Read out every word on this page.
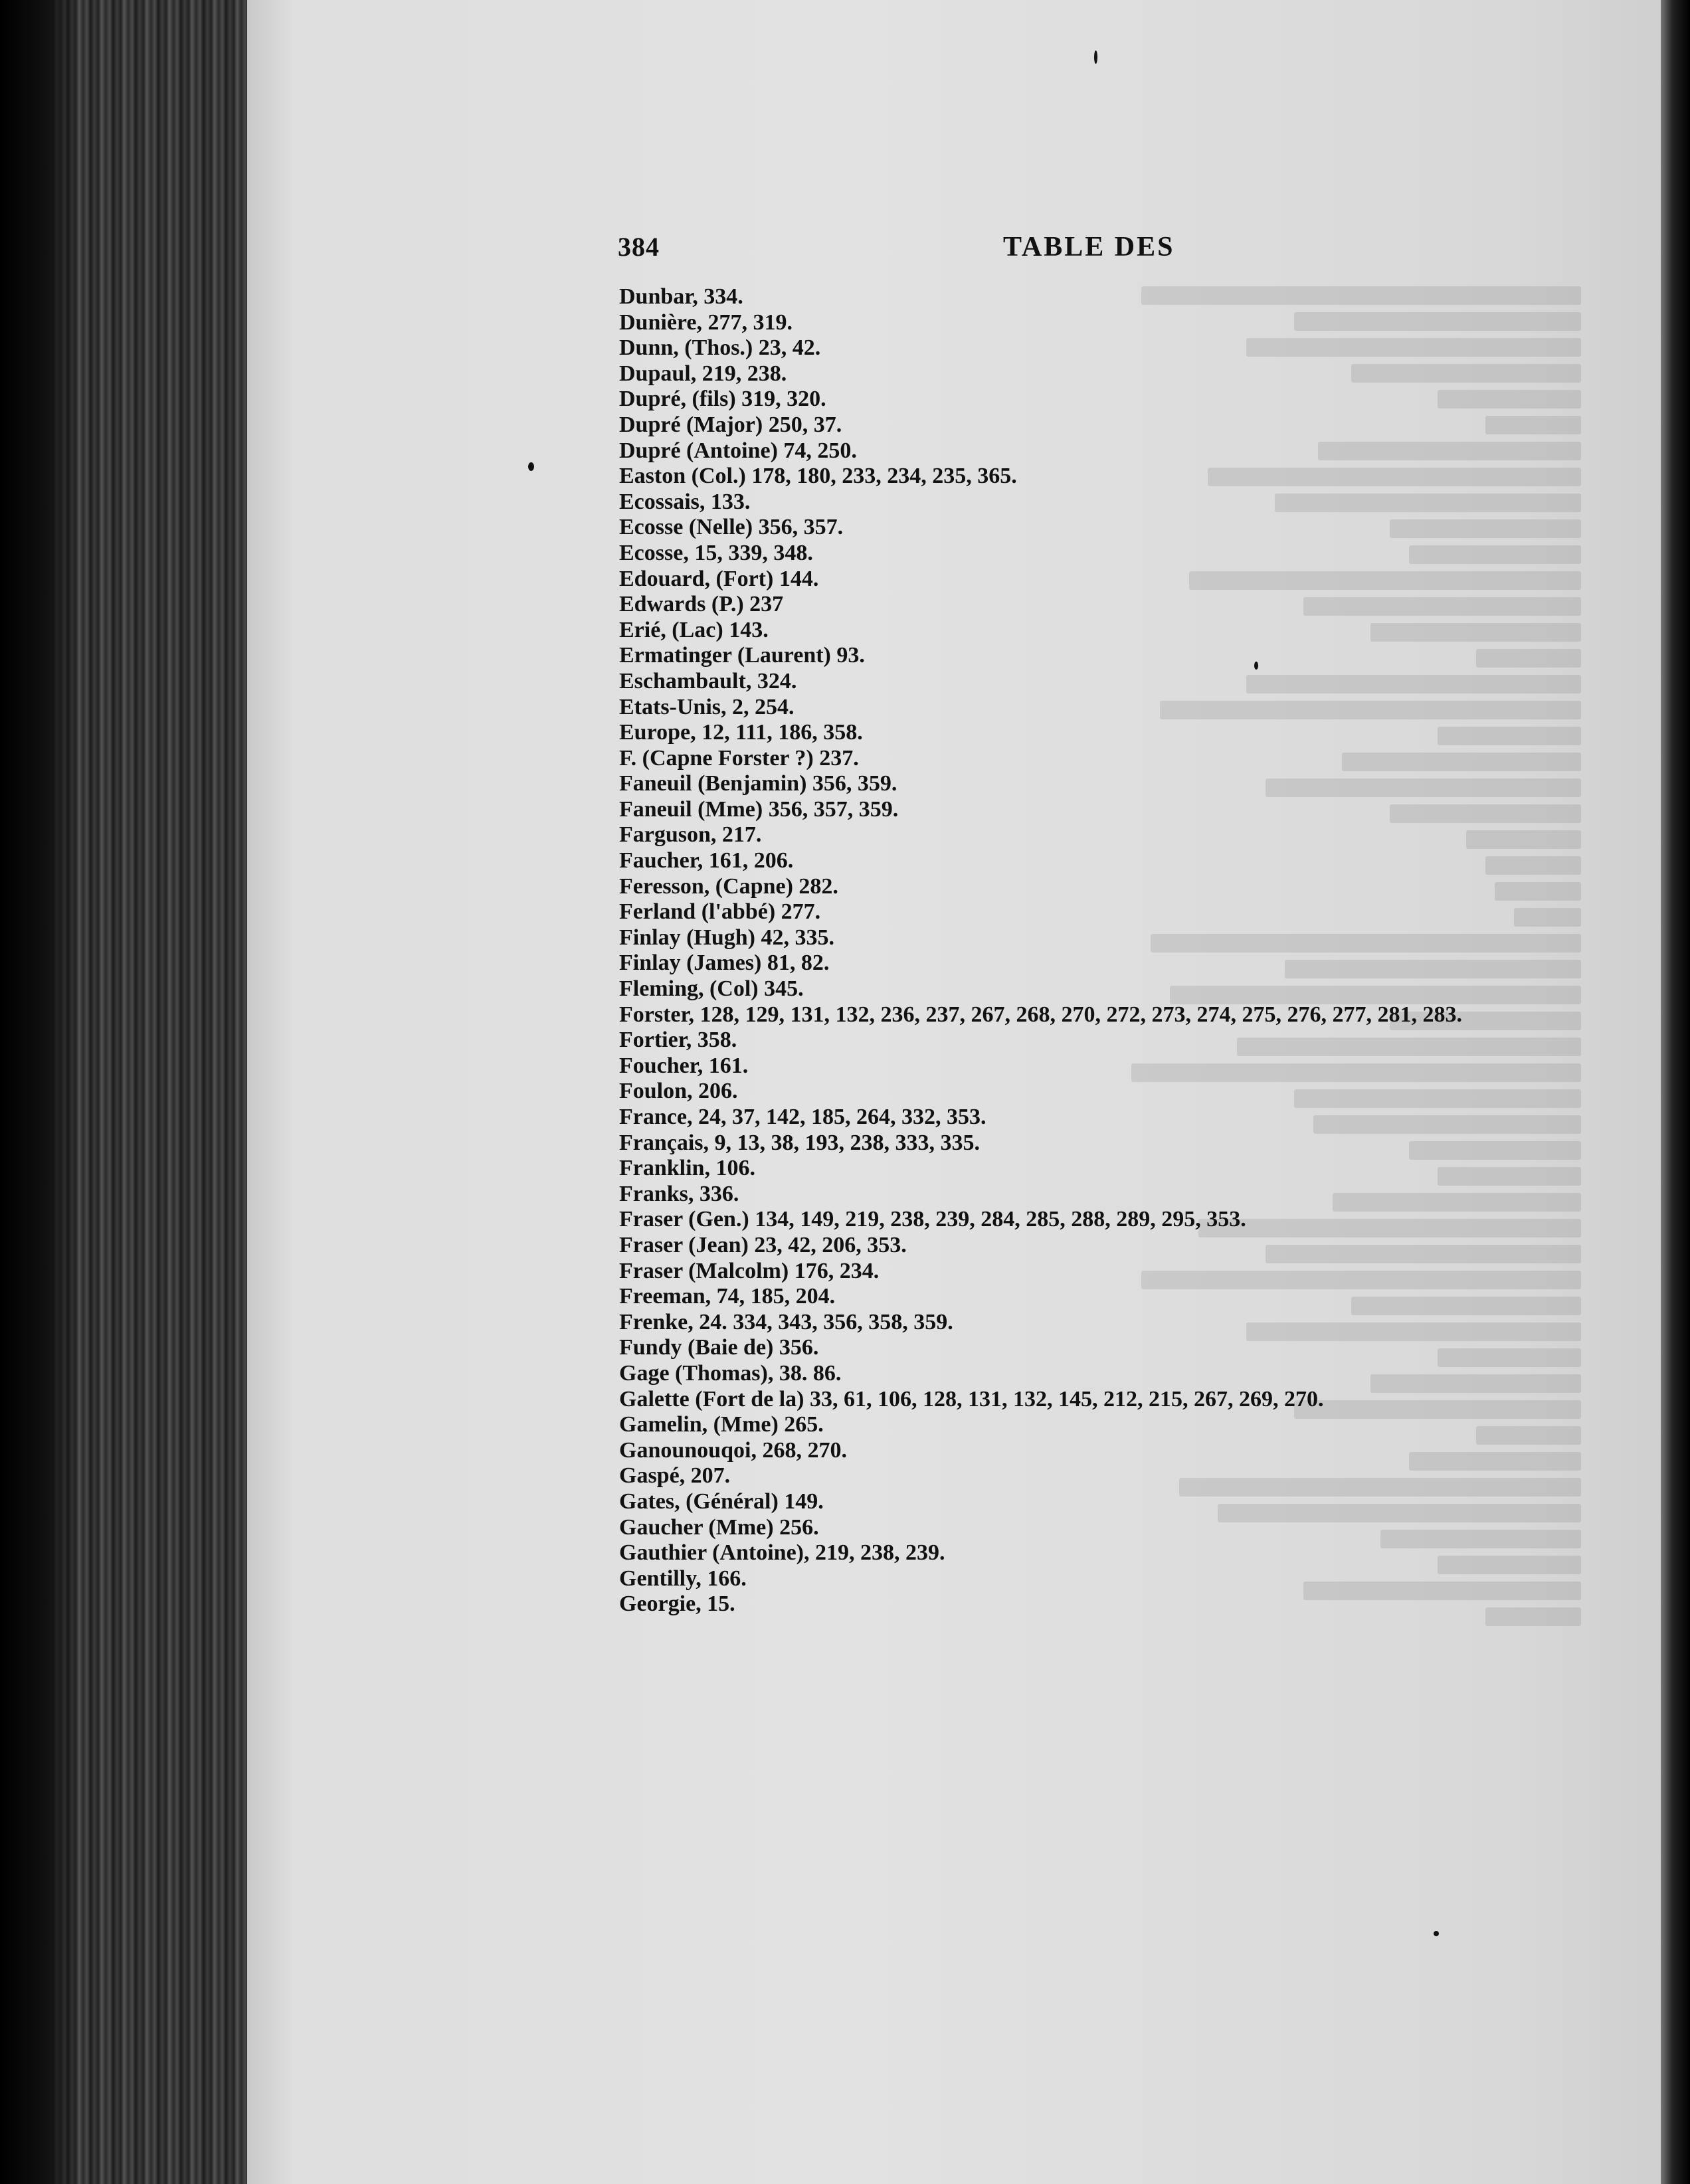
384	TABLE DES
Dunbar, 334.
Dunière, 277, 319.
Dunn, (Thos.) 23, 42.
Dupaul, 219, 238.
Dupré, (fils) 319, 320.
Dupré (Major) 250, 37.
Dupré (Antoine) 74, 250.
Easton (Col.) 178, 180, 233, 234, 235, 365.
Ecossais, 133.
Ecosse (Nelle) 356, 357.
Ecosse, 15, 339, 348.
Edouard, (Fort) 144.
Edwards (P.) 237
Erié, (Lac) 143.
Ermatinger (Laurent) 93.
Eschambault, 324.
Etats-Unis, 2, 254.
Europe, 12, 111, 186, 358.
F. (Capne Forster ?) 237.
Faneuil (Benjamin) 356, 359.
Faneuil (Mme) 356, 357, 359.
Farguson, 217.
Faucher, 161, 206.
Feresson, (Capne) 282.
Ferland (l'abbé) 277.
Finlay (Hugh) 42, 335.
Finlay (James) 81, 82.
Fleming, (Col) 345.
Forster, 128, 129, 131, 132, 236, 237, 267, 268, 270, 272, 273, 274, 275, 276, 277, 281, 283.
Fortier, 358.
Foucher, 161.
Foulon, 206.
France, 24, 37, 142, 185, 264, 332, 353.
Français, 9, 13, 38, 193, 238, 333, 335.
Franklin, 106.
Franks, 336.
Fraser (Gen.) 134, 149, 219, 238, 239, 284, 285, 288, 289, 295, 353.
Fraser (Jean) 23, 42, 206, 353.
Fraser (Malcolm) 176, 234.
Freeman, 74, 185, 204.
Frenke, 24. 334, 343, 356, 358, 359.
Fundy (Baie de) 356.
Gage (Thomas), 38. 86.
Galette (Fort de la) 33, 61, 106, 128, 131, 132, 145, 212, 215, 267, 269, 270.
Gamelin, (Mme) 265.
Ganounouqoi, 268, 270.
Gaspé, 207.
Gates, (Général) 149.
Gaucher (Mme) 256.
Gauthier (Antoine), 219, 238, 239.
Gentilly, 166.
Georgie, 15.
